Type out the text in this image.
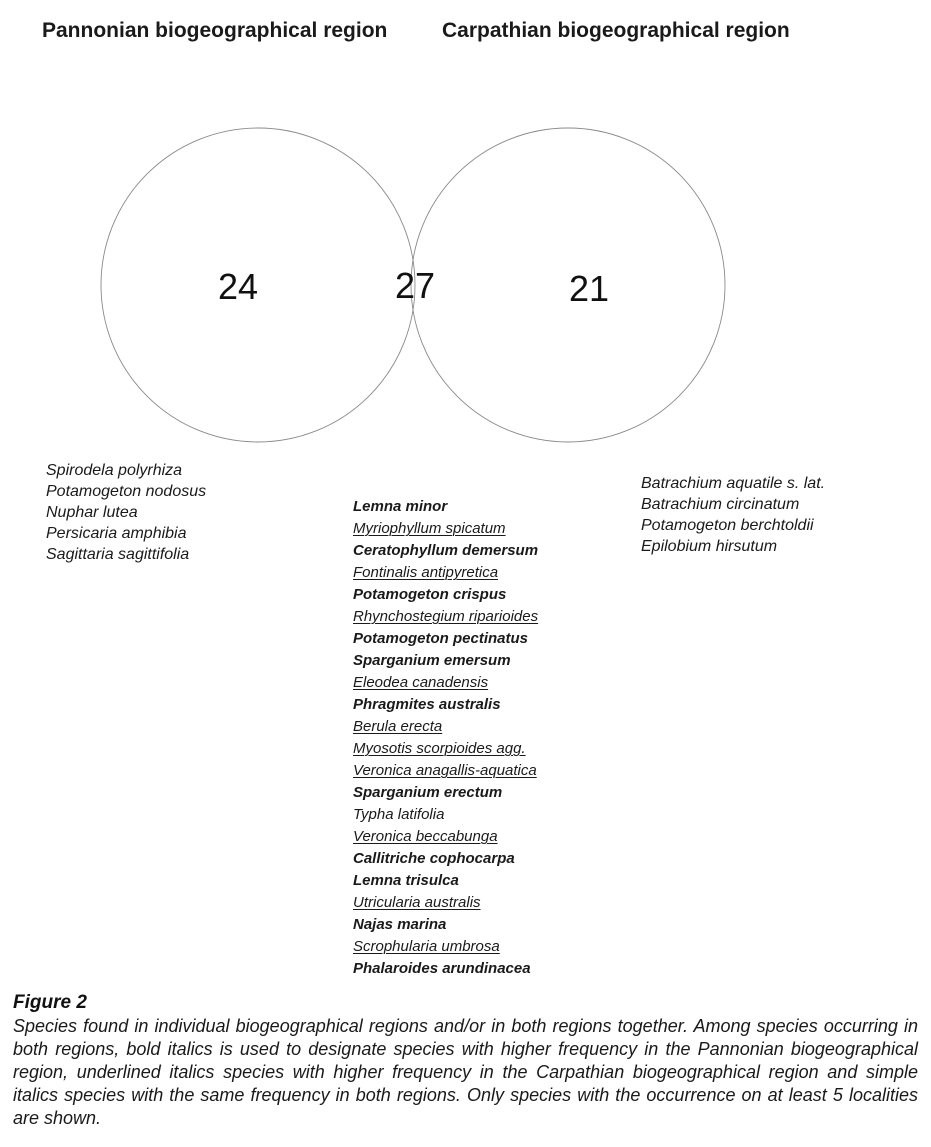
Pannonian biogeographical region	Carpathian biogeographical region
24	27	21
Spirodela polyrhiza
Potamogeton nodosus
Nuphar lutea
Persicaria amphibia
Sagittaria sagittifolia
Batrachium aquatile s. lat.
Batrachium circinatum
Potamogeton berchtoldii
Epilobium hirsutum
Lemna minor
Myriophyllum spicatum
Ceratophyllum demersum
Fontinalis antipyretica
Potamogeton crispus
Rhynchostegium riparioides
Potamogeton pectinatus
Sparganium emersum
Eleodea canadensis
Phragmites australis
Berula erecta
Myosotis scorpioides agg.
Veronica anagallis-aquatica
Sparganium erectum
Typha latifolia
Veronica beccabunga
Callitriche cophocarpa
Lemna trisulca
Utricularia australis
Najas marina
Scrophularia umbrosa
Phalaroides arundinacea
Figure 2
Species found in individual biogeographical regions and/or in both regions together. Among species occurring in both regions, bold italics is used to designate species with higher frequency in the Pannonian biogeographical region, underlined italics species with higher frequency in the Carpathian biogeographical region and simple italics species with the same frequency in both regions. Only species with the occurrence on at least 5 localities are shown.
